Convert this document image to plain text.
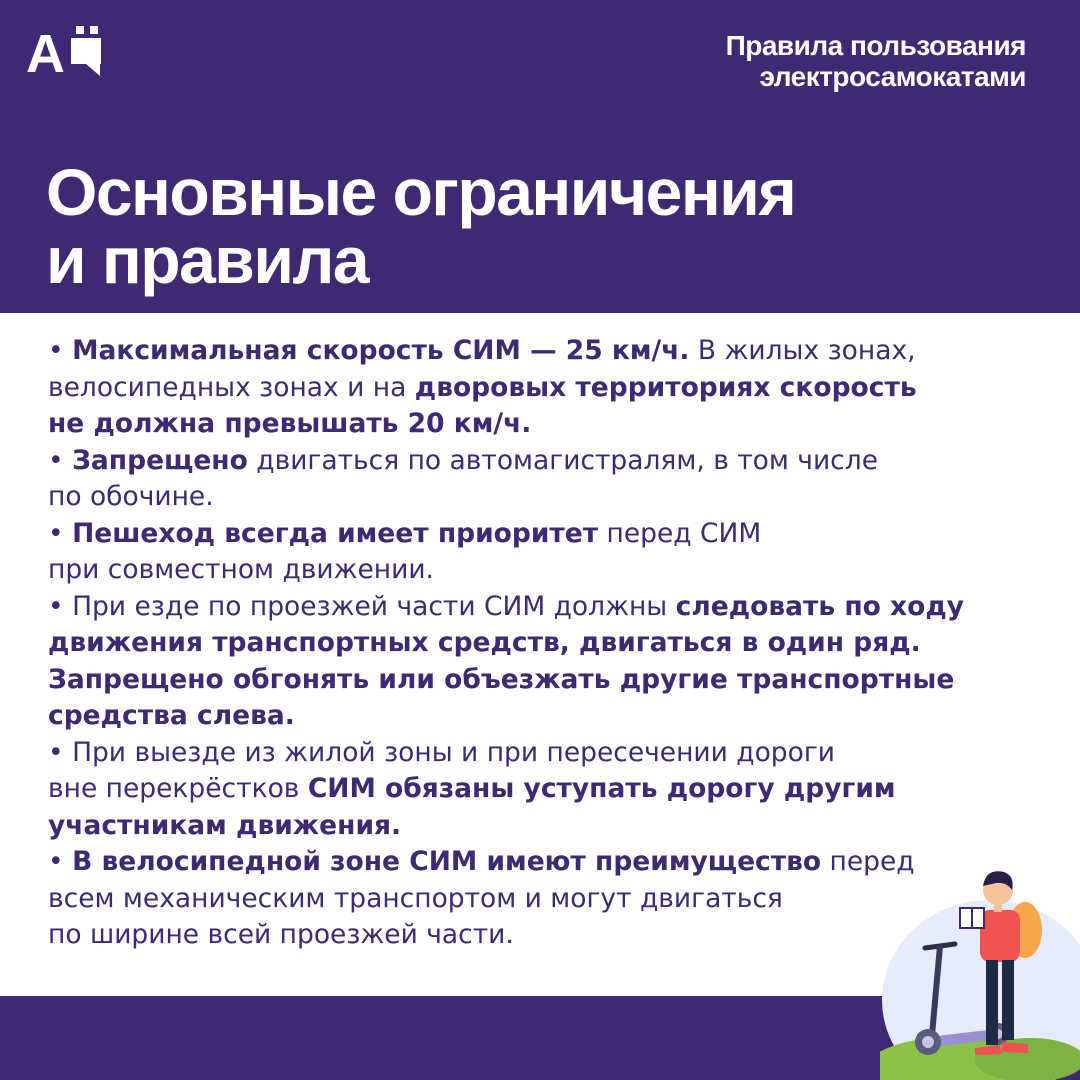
А	Правила пользования
электросамокатами
Основные ограничения
и правила

• Максимальная скорость СИМ — 25 км/ч. В жилых зонах,
велосипедных зонах и на дворовых территориях скорость
не должна превышать 20 км/ч.

• Запрещено двигаться по автомагистралям, в том числе
по обочине.

• Пешеход всегда имеет приоритет перед СИМ
при совместном движении.

• При езде по проезжей части СИМ должны следовать по ходу
движения транспортных средств, двигаться в один ряд.
Запрещено обгонять или объезжать другие транспортные
средства слева.

• При выезде из жилой зоны и при пересечении дороги
вне перекрёстков СИМ обязаны уступать дорогу другим
участникам движения.

• В велосипедной зоне СИМ имеют преимущество перед
всем механическим транспортом и могут двигаться
по ширине всей проезжей части.
